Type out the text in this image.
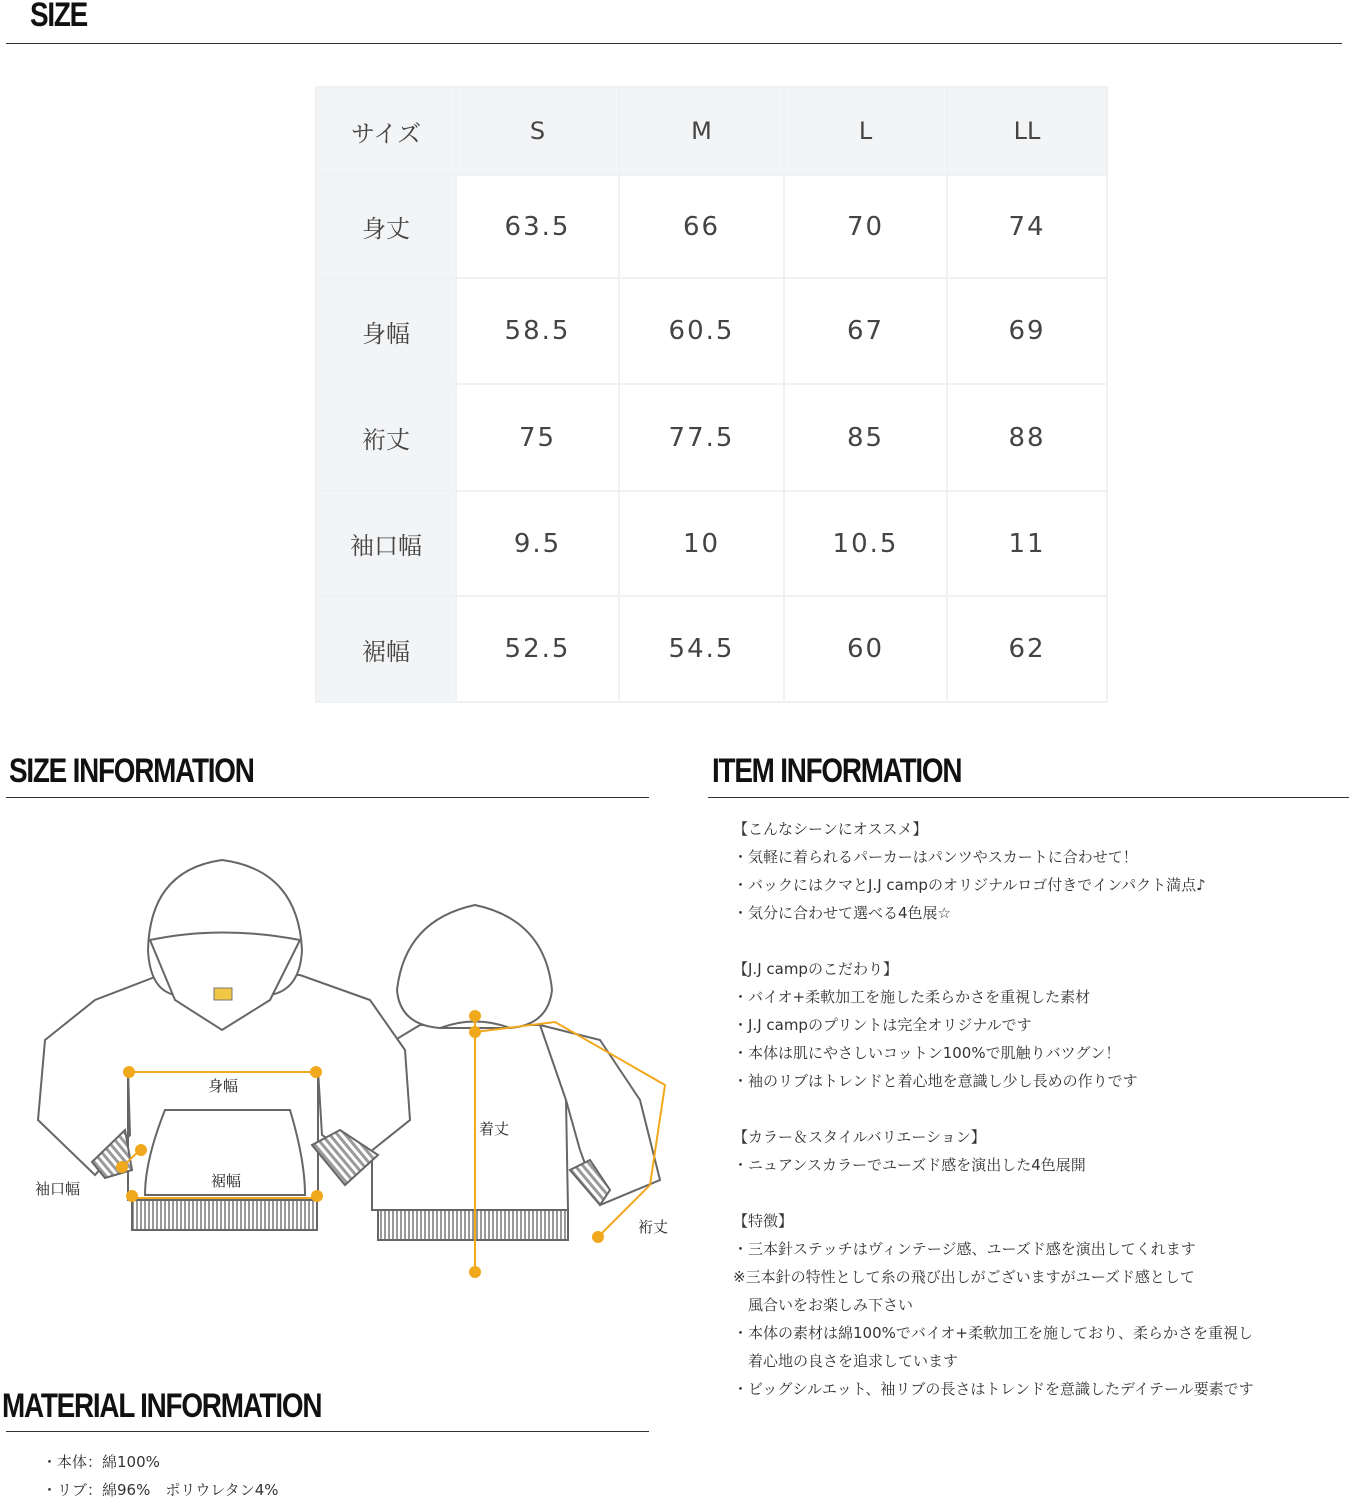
SIZE
サイズ	S	M	L	LL
身丈	63.5	66	70	74
身幅	58.5	60.5	67	69
裄丈	75	77.5	85	88
袖口幅	9.5	10	10.5	11
裾幅	52.5	54.5	60	62
SIZE INFORMATION	ITEM INFORMATION
【こんなシーンにオススメ】
・気軽に着られるパーカーはパンツやスカートに合わせて！
・バックにはクマとJ.J campのオリジナルロゴ付きでインパクト満点♪
・気分に合わせて選べる4色展☆

【J.J campのこだわり】
・バイオ+柔軟加工を施した柔らかさを重視した素材
・J.J campのプリントは完全オリジナルです
・本体は肌にやさしいコットン100%で肌触りバツグン！
・袖のリブはトレンドと着心地を意識し少し長めの作りです

【カラー＆スタイルバリエーション】
・ニュアンスカラーでユーズド感を演出した4色展開

【特徴】
・三本針ステッチはヴィンテージ感、ユーズド感を演出してくれます
※三本針の特性として糸の飛び出しがございますがユーズド感として
　風合いをお楽しみ下さい
・本体の素材は綿100%でバイオ+柔軟加工を施しており、柔らかさを重視し
　着心地の良さを追求しています
・ビッグシルエット、袖リブの長さはトレンドを意識したデイテール要素です
身幅
裾幅
袖口幅
着丈
裄丈
MATERIAL INFORMATION
・本体：綿100%
・リブ：綿96%　ポリウレタン4%
